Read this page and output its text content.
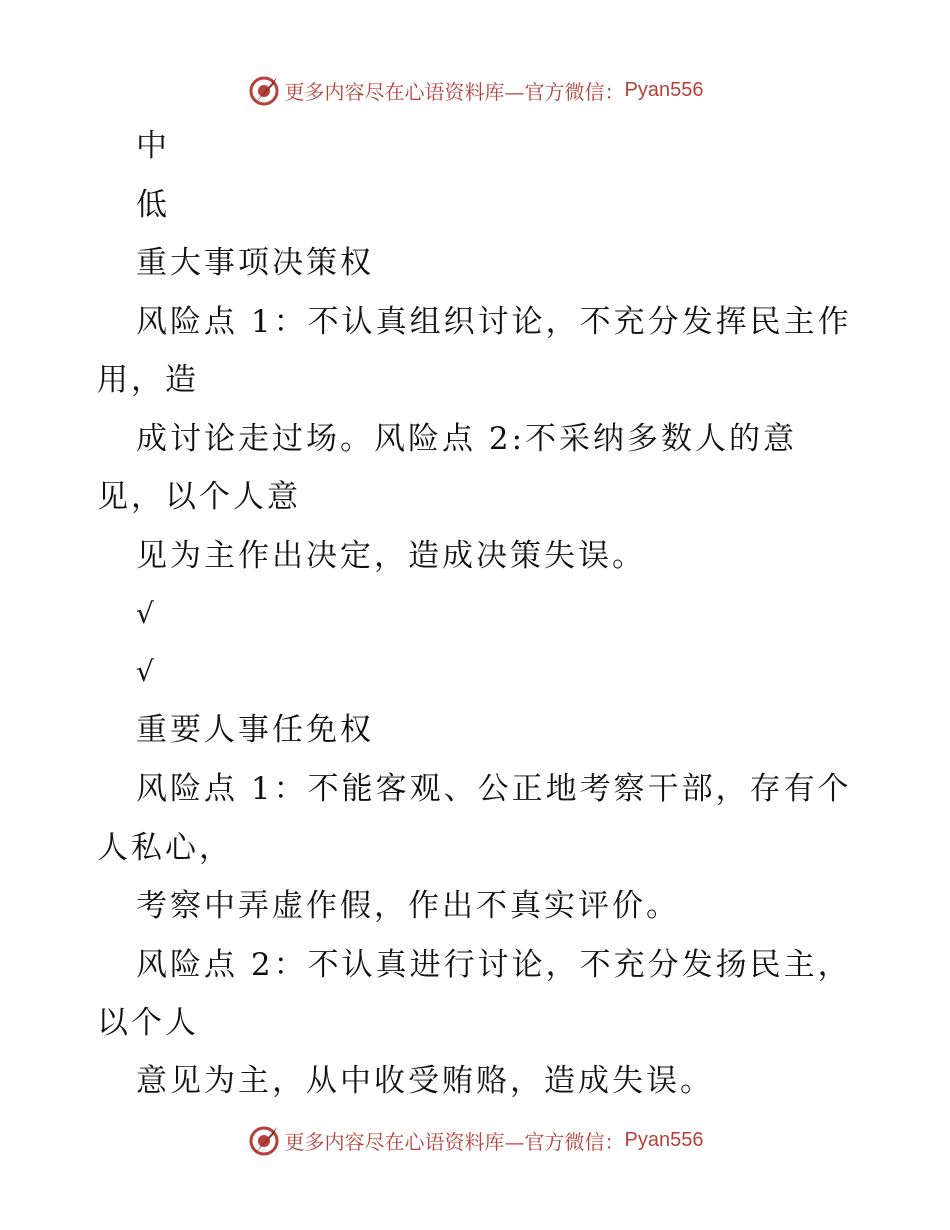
更多内容尽在心语资料库—官方微信： Pyan556
中
低
重大事项决策权
风险点 1：不认真组织讨论，不充分发挥民主作
用，造
成讨论走过场。风险点 2:不采纳多数人的意
见，以个人意
见为主作出决定，造成决策失误。
√
√
重要人事任免权
风险点 1：不能客观、公正地考察干部，存有个
人私心，
考察中弄虚作假，作出不真实评价。
风险点 2：不认真进行讨论，不充分发扬民主，
以个人
意见为主，从中收受贿赂，造成失误。
更多内容尽在心语资料库—官方微信： Pyan556
